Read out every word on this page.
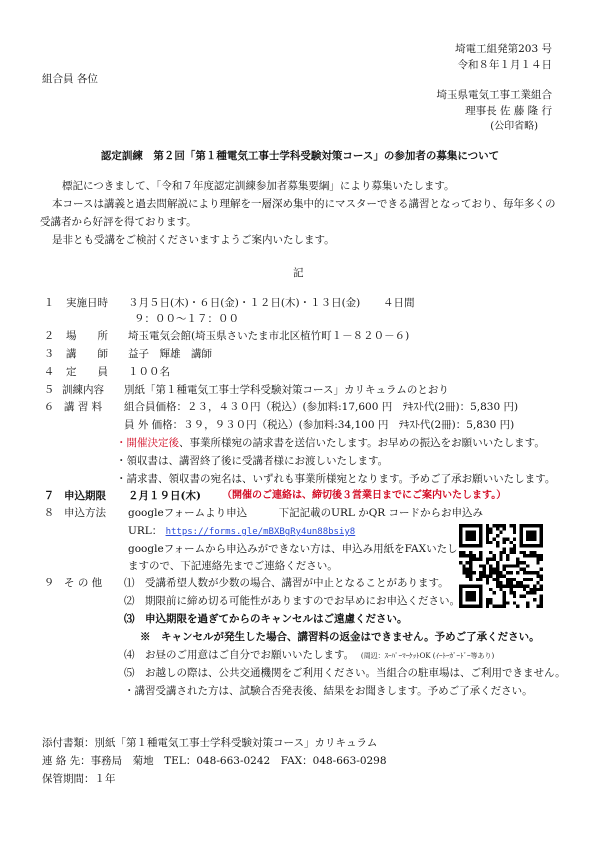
埼電工組発第203 号
令和８年１月１４日
組合員 各位
埼玉県電気工事工業組合
理事長 佐 藤 隆 行
(公印省略)
認定訓練　第２回「第１種電気工事士学科受験対策コース」の参加者の募集について
標記につきまして、「令和７年度認定訓練参加者募集要綱」により募集いたします。
本コースは講義と過去問解説により理解を一層深め集中的にマスターできる講習となっており、毎年多くの
受講者から好評を得ております。
是非とも受講をご検討くださいますようご案内いたします。
記
１ 実施日時 ３月５日(木)・６日(金)・１２日(木)・１３日(金) ４日間
９：００～１７：００
２ 場　　所 埼玉電気会館(埼玉県さいたま市北区植竹町１－８２０－６)
３ 講　　師 益子　輝雄　講師
４ 定　　員 １００名
５ 訓練内容 別紙「第１種電気工事士学科受験対策コース」カリキュラムのとおり
６ 講 習 料 組合員価格：２３，４３０円（税込）(参加料:17,600 円　ﾃｷｽﾄ代(2冊)：5,830 円)
員 外 価格：３９，９３０円（税込）(参加料:34,100 円　ﾃｷｽﾄ代(2冊)：5,830 円)
・開催決定後、事業所様宛の請求書を送信いたします。お早めの振込をお願いいたします。
・領収書は、講習終了後に受講者様にお渡しいたします。
・請求書、領収書の宛名は、いずれも事業所様宛となります。予めご了承お願いいたします。
７ 申込期限 ２月１９日(木) （開催のご連絡は、締切後３営業日までにご案内いたします。）
８ 申込方法 googleフォームより申込　　　下記記載のURL かQR コードからお申込み
URL： https://forms.gle/mBXBgRy4un88bsiy8
googleフォームから申込みができない方は、申込み用紙をFAXいたし
ますので、下記連絡先までご連絡ください。
９ そ の 他 ⑴　受講希望人数が少数の場合、講習が中止となることがあります。
⑵　期限前に締め切る可能性がありますのでお早めにお申込ください。
⑶　申込期限を過ぎてからのキャンセルはご遠慮ください。
※　キャンセルが発生した場合、講習料の返金はできません。予めご了承ください。
⑷　お昼のご用意はご自分でお願いいたします。 (周辺：ｽｰﾊﾟｰﾏｰｹｯﾄOK (ｲｰﾄｰｶﾞｰﾄﾞｰ等あり)
⑸　お越しの際は、公共交通機関をご利用ください。当組合の駐車場は、ご利用できません。
・講習受講された方は、試験合否発表後、結果をお聞きします。予めご了承ください。
添付書類：別紙「第１種電気工事士学科受験対策コース」カリキュラム
連 絡 先：事務局　菊地　TEL：048-663-0242　FAX：048-663-0298
保管期間：１年
